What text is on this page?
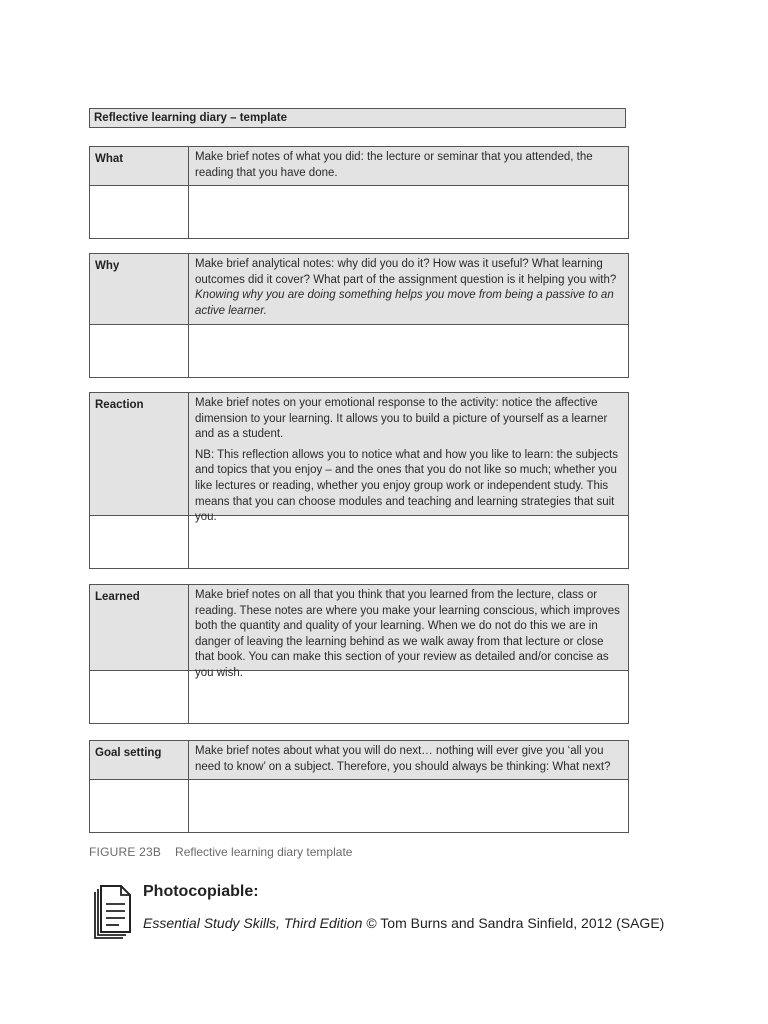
Reflective learning diary – template
What	Make brief notes of what you did: the lecture or seminar that you attended, the reading that you have done.

Why	Make brief analytical notes: why did you do it? How was it useful? What learning outcomes did it cover? What part of the assignment question is it helping you with? Knowing why you are doing something helps you move from being a passive to an active learner.

Reaction	Make brief notes on your emotional response to the activity: notice the affective dimension to your learning. It allows you to build a picture of yourself as a learner and as a student.

NB: This reflection allows you to notice what and how you like to learn: the subjects and topics that you enjoy – and the ones that you do not like so much; whether you like lectures or reading, whether you enjoy group work or independent study. This means that you can choose modules and teaching and learning strategies that suit you.

Learned	Make brief notes on all that you think that you learned from the lecture, class or reading. These notes are where you make your learning conscious, which improves both the quantity and quality of your learning. When we do not do this we are in danger of leaving the learning behind as we walk away from that lecture or close that book. You can make this section of your review as detailed and/or concise as you wish.

Goal setting	Make brief notes about what you will do next… nothing will ever give you ‘all you need to know’ on a subject. Therefore, you should always be thinking: What next?

FIGURE 23B Reflective learning diary template
Photocopiable:
Essential Study Skills, Third Edition © Tom Burns and Sandra Sinfield, 2012 (SAGE)
